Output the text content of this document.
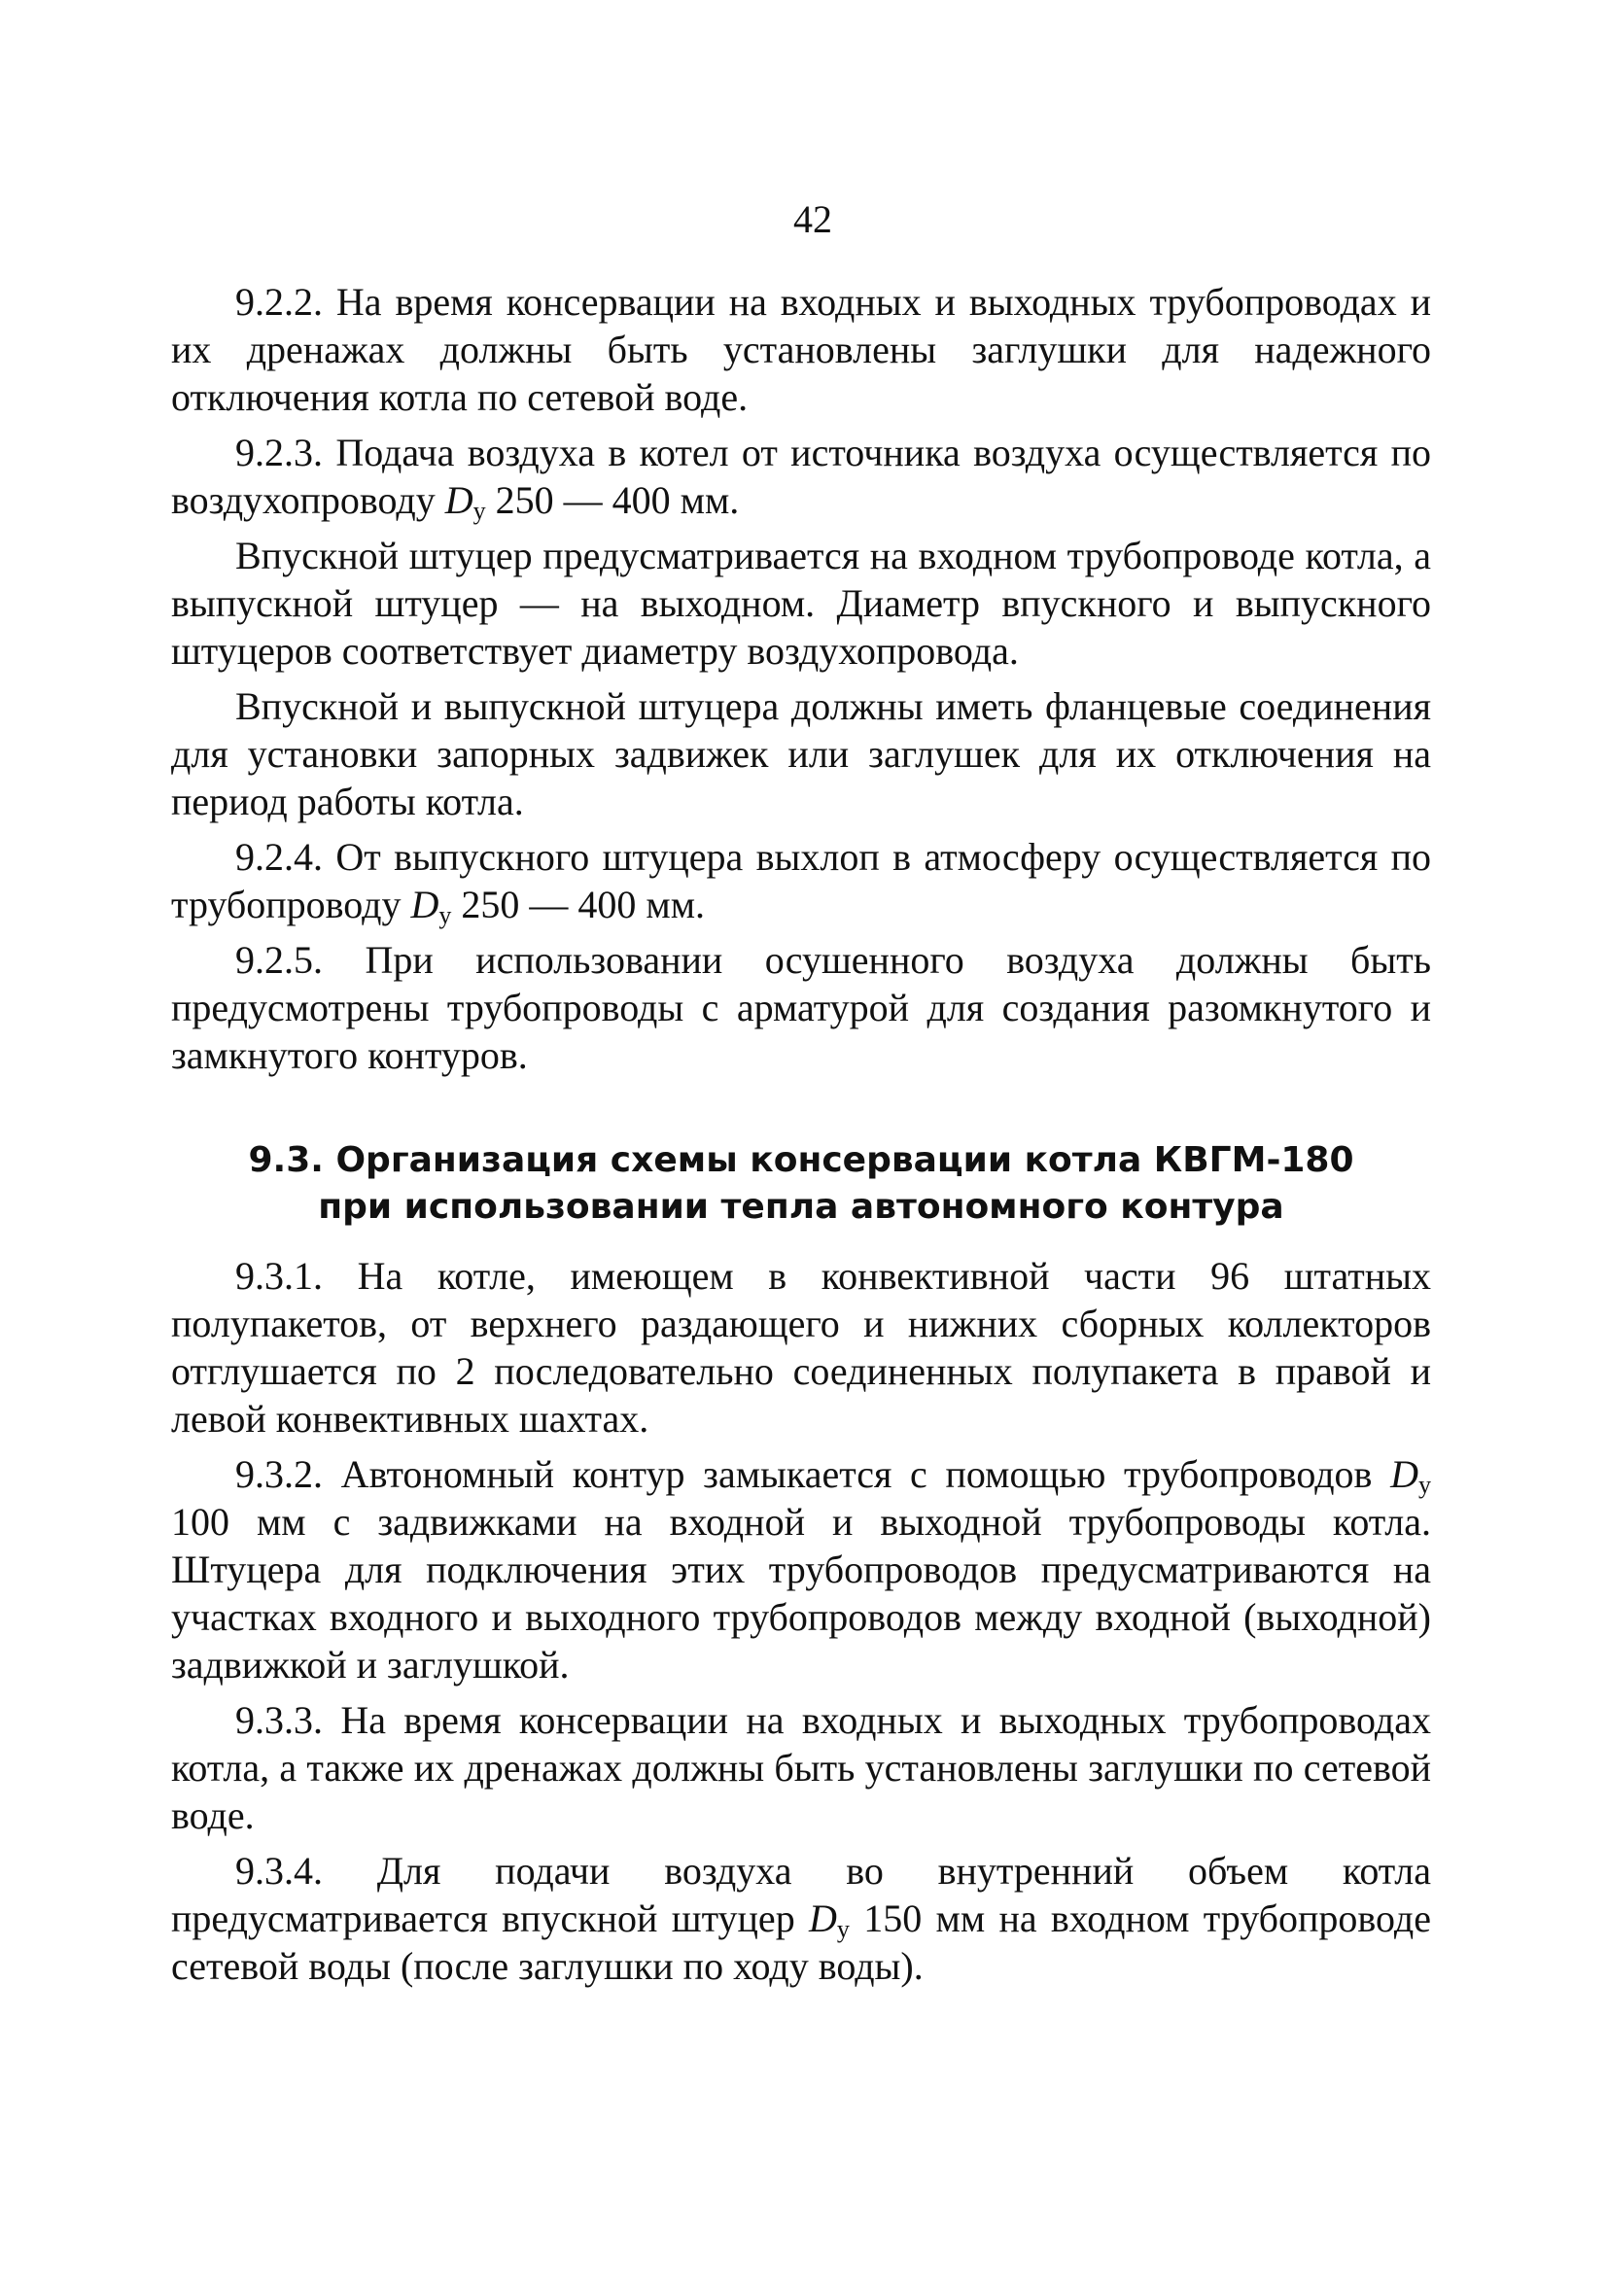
42

9.2.2. На время консервации на входных и выходных трубопроводах и их дренажах должны быть установлены заглушки для надежного отключения котла по сетевой воде.

9.2.3. Подача воздуха в котел от источника воздуха осуществляется по воздухопроводу $D_у$ 250 — 400 мм.

Впускной штуцер предусматривается на входном трубопроводе котла, а выпускной штуцер — на выходном. Диаметр впускного и выпускного штуцеров соответствует диаметру воздухопровода.

Впускной и выпускной штуцера должны иметь фланцевые соединения для установки запорных задвижек или заглушек для их отключения на период работы котла.

9.2.4. От выпускного штуцера выхлоп в атмосферу осуществляется по трубопроводу $D_у$ 250 — 400 мм.

9.2.5. При использовании осушенного воздуха должны быть предусмотрены трубопроводы с арматурой для создания разомкнутого и замкнутого контуров.

9.3. Организация схемы консервации котла КВГМ-180
при использовании тепла автономного контура

9.3.1. На котле, имеющем в конвективной части 96 штатных полупакетов, от верхнего раздающего и нижних сборных коллекторов отглушается по 2 последовательно соединенных полупакета в правой и левой конвективных шахтах.

9.3.2. Автономный контур замыкается с помощью трубопроводов $D_у$ 100 мм с задвижками на входной и выходной трубопроводы котла. Штуцера для подключения этих трубопроводов предусматриваются на участках входного и выходного трубопроводов между входной (выходной) задвижкой и заглушкой.

9.3.3. На время консервации на входных и выходных трубопроводах котла, а также их дренажах должны быть установлены заглушки по сетевой воде.

9.3.4. Для подачи воздуха во внутренний объем котла предусматривается впускной штуцер $D_у$ 150 мм на входном трубопроводе сетевой воды (после заглушки по ходу воды).
